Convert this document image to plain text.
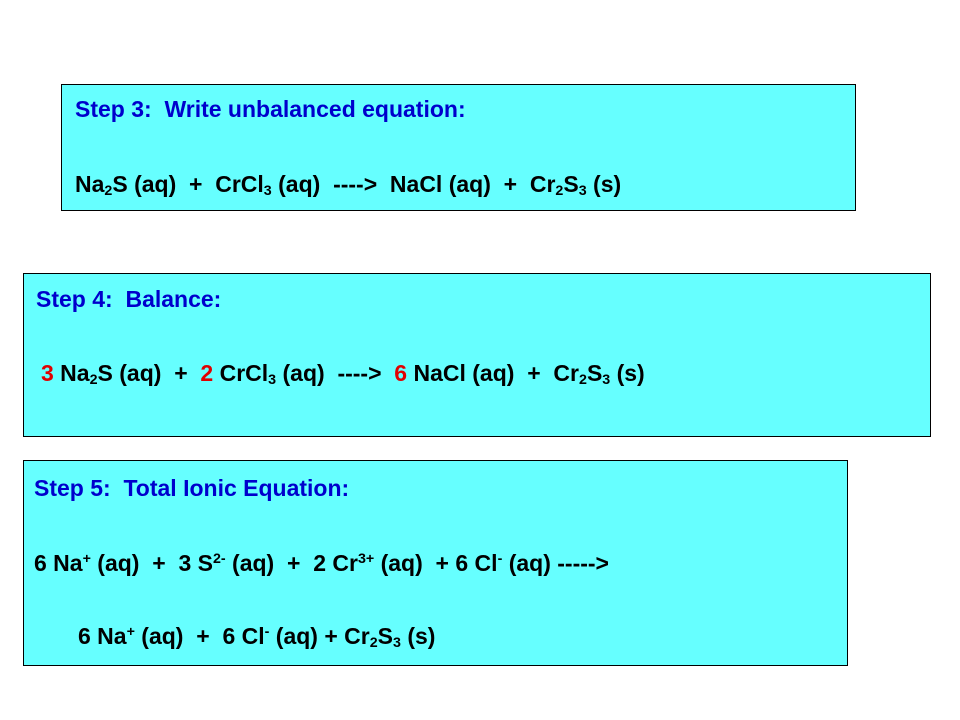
Step 3:  Write unbalanced equation:
$Na_2S$ (aq)  +  CrCl$_3$ (aq)  ---->  NaCl $(aq) + Cr_2S_3$ (s)
Step 4:  Balance:
3 $Na_2S$ (aq)  +  2 CrCl$_3$ (aq)  ---->  6 NaCl $(aq) + Cr_2S_3$ (s)
Step 5:  Total Ionic Equation:
6 Na+ (aq)  +  3 $S^{2-}$ (aq)  +  2 $Cr^{3+}$ (aq)  + 6 Cl- (aq) ----->
6 Na+ (aq)  +  6 Cl- $(aq) + Cr_2S_3$ (s)
